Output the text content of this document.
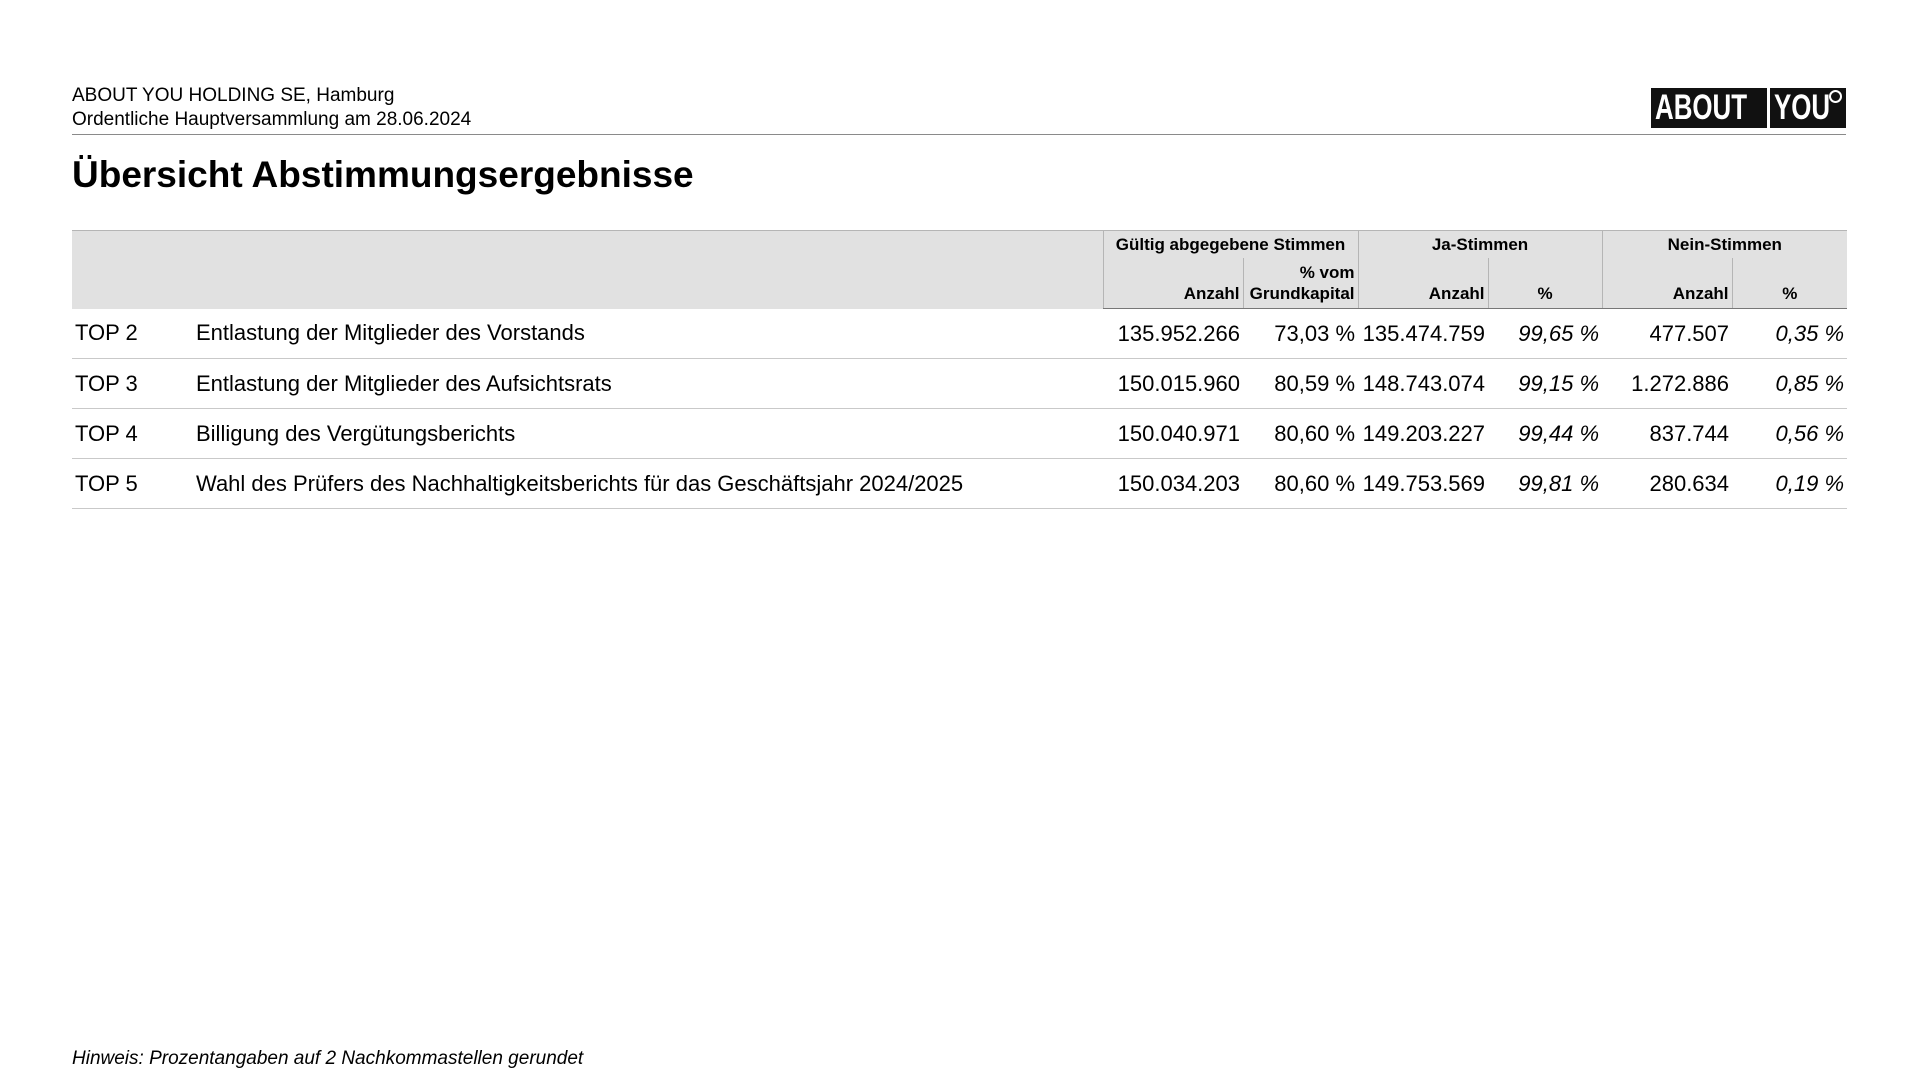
ABOUT YOU HOLDING SE, Hamburg
Ordentliche Hauptversammlung am 28.06.2024	ABOUT YOU
Übersicht Abstimmungsergebnisse
		Gültig abgegebene Stimmen		Ja-Stimmen		Nein-Stimmen	
		Anzahl	% vom Grundkapital	Anzahl	%	Anzahl	%
TOP 2	Entlastung der Mitglieder des Vorstands	135.952.266	73,03 %	135.474.759	99,65 %	477.507	0,35 %
TOP 3	Entlastung der Mitglieder des Aufsichtsrats	150.015.960	80,59 %	148.743.074	99,15 %	1.272.886	0,85 %
TOP 4	Billigung des Vergütungsberichts	150.040.971	80,60 %	149.203.227	99,44 %	837.744	0,56 %
TOP 5	Wahl des Prüfers des Nachhaltigkeitsberichts für das Geschäftsjahr 2024/2025	150.034.203	80,60 %	149.753.569	99,81 %	280.634	0,19 %
Hinweis: Prozentangaben auf 2 Nachkommastellen gerundet
